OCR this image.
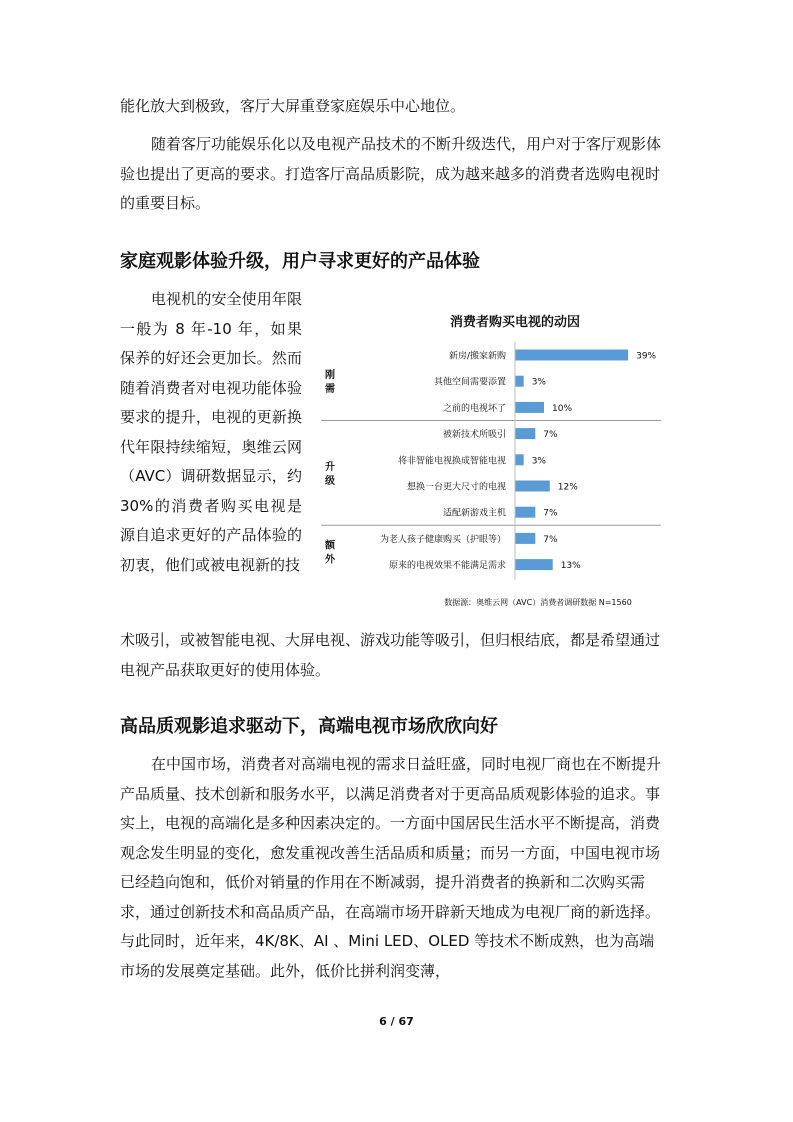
能化放大到极致，客厅大屏重登家庭娱乐中心地位。

随着客厅功能娱乐化以及电视产品技术的不断升级迭代，用户对于客厅观影体验也提出了更高的要求。打造客厅高品质影院，成为越来越多的消费者选购电视时的重要目标。

家庭观影体验升级，用户寻求更好的产品体验

电视机的安全使用年限一般为 8 年-10 年，如果保养的好还会更加长。然而随着消费者对电视功能体验要求的提升，电视的更新换代年限持续缩短，奥维云网（AVC）调研数据显示，约 30%的消费者购买电视是源自追求更好的产品体验的初衷，他们或被电视新的技

术吸引，或被智能电视、大屏电视、游戏功能等吸引，但归根结底，都是希望通过电视产品获取更好的使用体验。

消费者购买电视的动因
新房/搬家新购	39%
其他空间需要添置	3%
之前的电视坏了	10%
刚
需
被新技术所吸引	7%
将非智能电视换成智能电视	3%
想换一台更大尺寸的电视	12%
适配新游戏主机	7%
升
级
为老人孩子健康购买（护眼等）	7%
原来的电视效果不能满足需求	13%
额
外
数据源：奥维云网（AVC）消费者调研数据 N=1560
高品质观影追求驱动下，高端电视市场欣欣向好

在中国市场，消费者对高端电视的需求日益旺盛，同时电视厂商也在不断提升产品质量、技术创新和服务水平，以满足消费者对于更高品质观影体验的追求。事实上，电视的高端化是多种因素决定的。一方面中国居民生活水平不断提高，消费观念发生明显的变化，愈发重视改善生活品质和质量；而另一方面，中国电视市场已经趋向饱和，低价对销量的作用在不断减弱，提升消费者的换新和二次购买需求，通过创新技术和高品质产品，在高端市场开辟新天地成为电视厂商的新选择。与此同时，近年来，4K/8K、AI 、Mini LED、OLED 等技术不断成熟，也为高端市场的发展奠定基础。此外，低价比拼利润变薄，

6 / 67
